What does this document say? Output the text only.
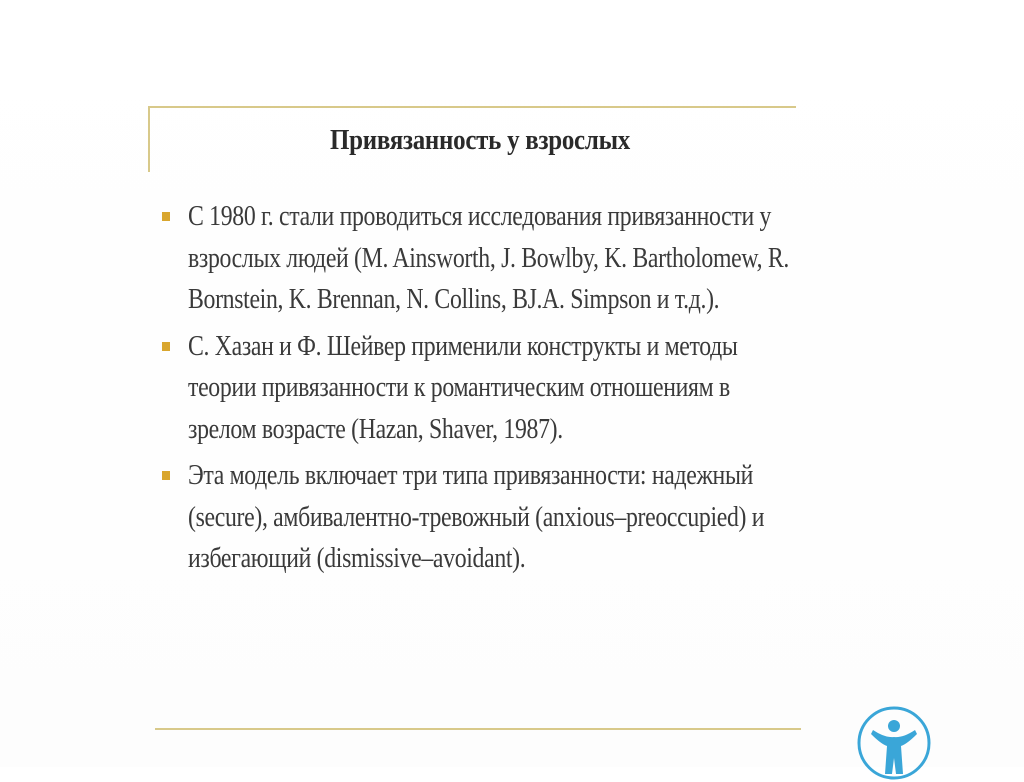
Привязанность у взрослых
С 1980 г. стали проводиться исследования привязанности у взрослых людей (M. Ainsworth, J. Bowlby, K. Bartholomew, R. Bornstein, K. Brennan, N. Collins, BJ.A. Simpson и т.д.).
С. Хазан и Ф. Шейвер применили конструкты и методы теории привязанности к романтическим отношениям в зрелом возрасте (Hazan, Shaver, 1987).
Эта модель включает три типа привязанности: надежный (secure), амбивалентно-тревожный (anxious–preoccupied) и избегающий (dismissive–avoidant).
